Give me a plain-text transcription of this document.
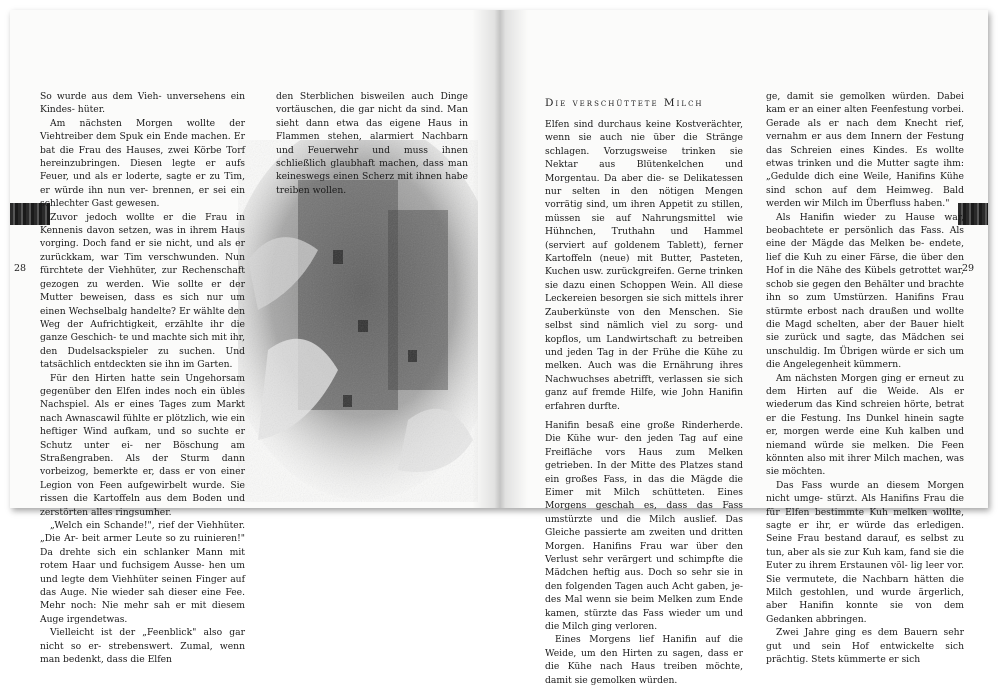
28	29

So wurde aus dem Vieh- unversehens ein Kindes- hüter.

Am nächsten Morgen wollte der Viehtreiber dem Spuk ein Ende machen. Er bat die Frau des Hauses, zwei Körbe Torf hereinzubringen. Diesen legte er aufs Feuer, und als er loderte, sagte er zu Tim, er würde ihn nun ver- brennen, er sei ein schlechter Gast gewesen.

Zuvor jedoch wollte er die Frau in Kennenis davon setzen, was in ihrem Haus vorging. Doch fand er sie nicht, und als er zurückkam, war Tim verschwunden. Nun fürchtete der Viehhüter, zur Rechenschaft gezogen zu werden. Wie sollte er der Mutter beweisen, dass es sich nur um einen Wechselbalg handelte? Er wählte den Weg der Aufrichtigkeit, erzählte ihr die ganze Geschich- te und machte sich mit ihr, den Dudelsackspieler zu suchen. Und tatsächlich entdeckten sie ihn im Garten.

Für den Hirten hatte sein Ungehorsam gegenüber den Elfen indes noch ein übles Nachspiel. Als er eines Tages zum Markt nach Awnascawil fühlte er plötzlich, wie ein heftiger Wind aufkam, und so suchte er Schutz unter ei- ner Böschung am Straßengraben. Als der Sturm dann vorbeizog, bemerkte er, dass er von einer Legion von Feen aufgewirbelt wurde. Sie rissen die Kartoffeln aus dem Boden und zerstörten alles ringsumher.

„Welch ein Schande!", rief der Viehhüter. „Die Ar- beit armer Leute so zu ruinieren!" Da drehte sich ein schlanker Mann mit rotem Haar und fuchsigem Ausse- hen um und legte dem Viehhüter seinen Finger auf das Auge. Nie wieder sah dieser eine Fee. Mehr noch: Nie mehr sah er mit diesem Auge irgendetwas.

Vielleicht ist der „Feenblick" also gar nicht so er- strebenswert. Zumal, wenn man bedenkt, dass die Elfen

den Sterblichen bisweilen auch Dinge vortäuschen, die gar nicht da sind. Man sieht dann etwa das eigene Haus in Flammen stehen, alarmiert Nachbarn und Feuerwehr und muss ihnen schließlich glaubhaft machen, dass man keineswegs einen Scherz mit ihnen habe treiben wollen.

Die verschüttete Milch

Elfen sind durchaus keine Kostverächter, wenn sie auch nie über die Stränge schlagen. Vorzugsweise trinken sie Nektar aus Blütenkelchen und Morgentau. Da aber die- se Delikatessen nur selten in den nötigen Mengen vorrätig sind, um ihren Appetit zu stillen, müssen sie auf Nahrungsmittel wie Hühnchen, Truthahn und Hammel (serviert auf goldenem Tablett), ferner Kartoffeln (neue) mit Butter, Pasteten, Kuchen usw. zurückgreifen. Gerne trinken sie dazu einen Schoppen Wein. All diese Leckereien besorgen sie sich mittels ihrer Zauberkünste von den Menschen. Sie selbst sind nämlich viel zu sorg- und kopflos, um Landwirtschaft zu betreiben und jeden Tag in der Frühe die Kühe zu melken. Auch was die Ernährung ihres Nachwuchses abetrifft, verlassen sie sich ganz auf fremde Hilfe, wie John Hanifin erfahren durfte.

Hanifin besaß eine große Rinderherde. Die Kühe wur- den jeden Tag auf eine Freifläche vors Haus zum Melken getrieben. In der Mitte des Platzes stand ein großes Fass, in das die Mägde die Eimer mit Milch schütteten. Eines Morgens geschah es, dass das Fass umstürzte und die Milch auslief. Das Gleiche passierte am zweiten und dritten Morgen. Hanifins Frau war über den Verlust sehr verärgert und schimpfte die Mädchen heftig aus. Doch so sehr sie in den folgenden Tagen auch Acht gaben, je- des Mal wenn sie beim Melken zum Ende kamen, stürzte das Fass wieder um und die Milch ging verloren.

Eines Morgens lief Hanifin auf die Weide, um den Hirten zu sagen, dass er die Kühe nach Haus treiben möchte, damit sie gemolken würden.

ge, damit sie gemolken würden. Dabei kam er an einer alten Feenfestung vorbei. Gerade als er nach dem Knecht rief, vernahm er aus dem Innern der Festung das Schreien eines Kindes. Es wollte etwas trinken und die Mutter sagte ihm: „Gedulde dich eine Weile, Hanifins Kühe sind schon auf dem Heimweg. Bald werden wir Milch im Überfluss haben."

Als Hanifin wieder zu Hause war, beobachtete er persönlich das Fass. Als eine der Mägde das Melken be- endete, lief die Kuh zu einer Färse, die über den Hof in die Nähe des Kübels getrottet war, schob sie gegen den Behälter und brachte ihn so zum Umstürzen. Hanifins Frau stürmte erbost nach draußen und wollte die Magd schelten, aber der Bauer hielt sie zurück und sagte, das Mädchen sei unschuldig. Im Übrigen würde er sich um die Angelegenheit kümmern.

Am nächsten Morgen ging er erneut zu dem Hirten auf die Weide. Als er wiederum das Kind schreien hörte, betrat er die Festung. Ins Dunkel hinein sagte er, morgen werde eine Kuh kalben und niemand würde sie melken. Die Feen könnten also mit ihrer Milch machen, was sie möchten.

Das Fass wurde an diesem Morgen nicht umge- stürzt. Als Hanifins Frau die für Elfen bestimmte Kuh melken wollte, sagte er ihr, er würde das erledigen. Seine Frau bestand darauf, es selbst zu tun, aber als sie zur Kuh kam, fand sie die Euter zu ihrem Erstaunen völ- lig leer vor. Sie vermutete, die Nachbarn hätten die Milch gestohlen, und wurde ärgerlich, aber Hanifin konnte sie von dem Gedanken abbringen.

Zwei Jahre ging es dem Bauern sehr gut und sein Hof entwickelte sich prächtig. Stets kümmerte er sich
